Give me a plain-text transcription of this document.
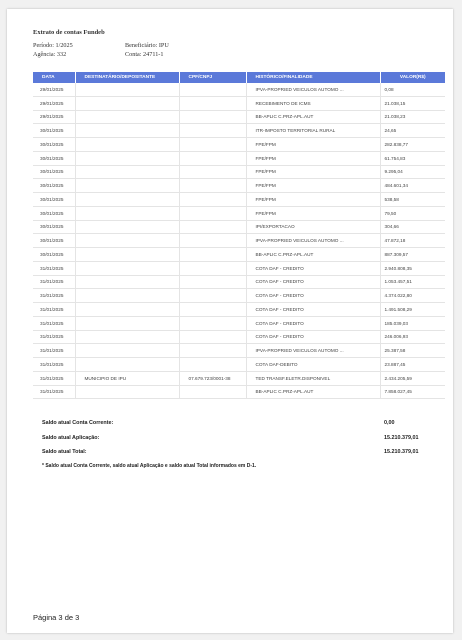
Extrato de contas Fundeb
Período: 1/2025	Beneficiário: IPU
Agência: 332	Conta: 24711-1
DATA	DESTINATÁRIO/DEPOSITANTE	CPF/CNPJ	HISTÓRICO/FINALIDADE	VALOR(R$)
29/01/2025			IPVA-PROPRIED VEICULOS AUTOMO ...	0,08
29/01/2025			RECEBIMENTO DE ICMS	21.038,15
29/01/2025			BB-APLIC C.PRZ-APL.AUT	21.038,23
30/01/2025			ITR-IMPOSTO TERRITORIAL RURAL	24,65
30/01/2025			FPE/FPM	282.838,77
30/01/2025			FPE/FPM	61.754,83
30/01/2025			FPE/FPM	9.295,04
30/01/2025			FPE/FPM	484.601,34
30/01/2025			FPE/FPM	538,58
30/01/2025			FPE/FPM	79,50
30/01/2025			IPI/EXPORTACAO	304,66
30/01/2025			IPVA-PROPRIED VEICULOS AUTOMO ...	47.872,18
30/01/2025			BB-APLIC C.PRZ-APL.AUT	887.309,57
31/01/2025			COTA DAF - CREDITO	2.940.808,35
31/01/2025			COTA DAF - CREDITO	1.053.457,51
31/01/2025			COTA DAF - CREDITO	4.374.022,80
31/01/2025			COTA DAF - CREDITO	1.491.508,29
31/01/2025			COTA DAF - CREDITO	185.039,03
31/01/2025			COTA DAF - CREDITO	246.006,93
31/01/2025			IPVA-PROPRIED VEICULOS AUTOMO ...	25.387,58
31/01/2025			COTA DAF-DEBITO	23.887,45
31/01/2025	MUNICIPIO DE IPU	07.679.723/0001-38	TED TRANSF.ELETR.DISPONIVEL	2.434.205,59
31/01/2025			BB-APLIC C.PRZ-APL.AUT	7.858.027,45
Saldo atual Conta Corrente:	0,00
Saldo atual Aplicação:	15.210.379,01
Saldo atual Total:	15.210.379,01
* Saldo atual Conta Corrente, saldo atual Aplicação e saldo atual Total informados em D-1.
Página 3 de 3
